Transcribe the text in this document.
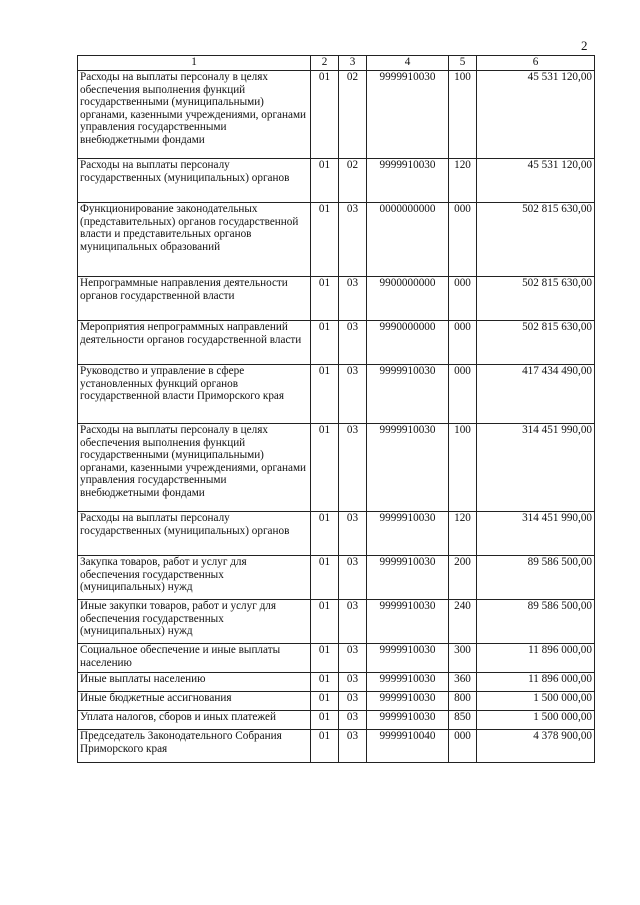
2
1	2	3	4	5	6
Расходы на выплаты персоналу в целях обеспечения выполнения функций государственными (муниципальными) органами, казенными учреждениями, органами управления государственными внебюджетными фондами	01	02	9999910030	100	45 531 120,00
Расходы на выплаты персоналу государственных (муниципальных) органов	01	02	9999910030	120	45 531 120,00
Функционирование законодательных (представительных) органов государственной власти и представительных органов муниципальных образований	01	03	0000000000	000	502 815 630,00
Непрограммные направления деятельности органов государственной власти	01	03	9900000000	000	502 815 630,00
Мероприятия непрограммных направлений деятельности органов государственной власти	01	03	9990000000	000	502 815 630,00
Руководство и управление в сфере установленных функций органов государственной власти Приморского края	01	03	9999910030	000	417 434 490,00
Расходы на выплаты персоналу в целях обеспечения выполнения функций государственными (муниципальными) органами, казенными учреждениями, органами управления государственными внебюджетными фондами	01	03	9999910030	100	314 451 990,00
Расходы на выплаты персоналу государственных (муниципальных) органов	01	03	9999910030	120	314 451 990,00
Закупка товаров, работ и услуг для обеспечения государственных (муниципальных) нужд	01	03	9999910030	200	89 586 500,00
Иные закупки товаров, работ и услуг для обеспечения государственных (муниципальных) нужд	01	03	9999910030	240	89 586 500,00
Социальное обеспечение и иные выплаты населению	01	03	9999910030	300	11 896 000,00
Иные выплаты населению	01	03	9999910030	360	11 896 000,00
Иные бюджетные ассигнования	01	03	9999910030	800	1 500 000,00
Уплата налогов, сборов и иных платежей	01	03	9999910030	850	1 500 000,00
Председатель Законодательного Собрания Приморского края	01	03	9999910040	000	4 378 900,00
